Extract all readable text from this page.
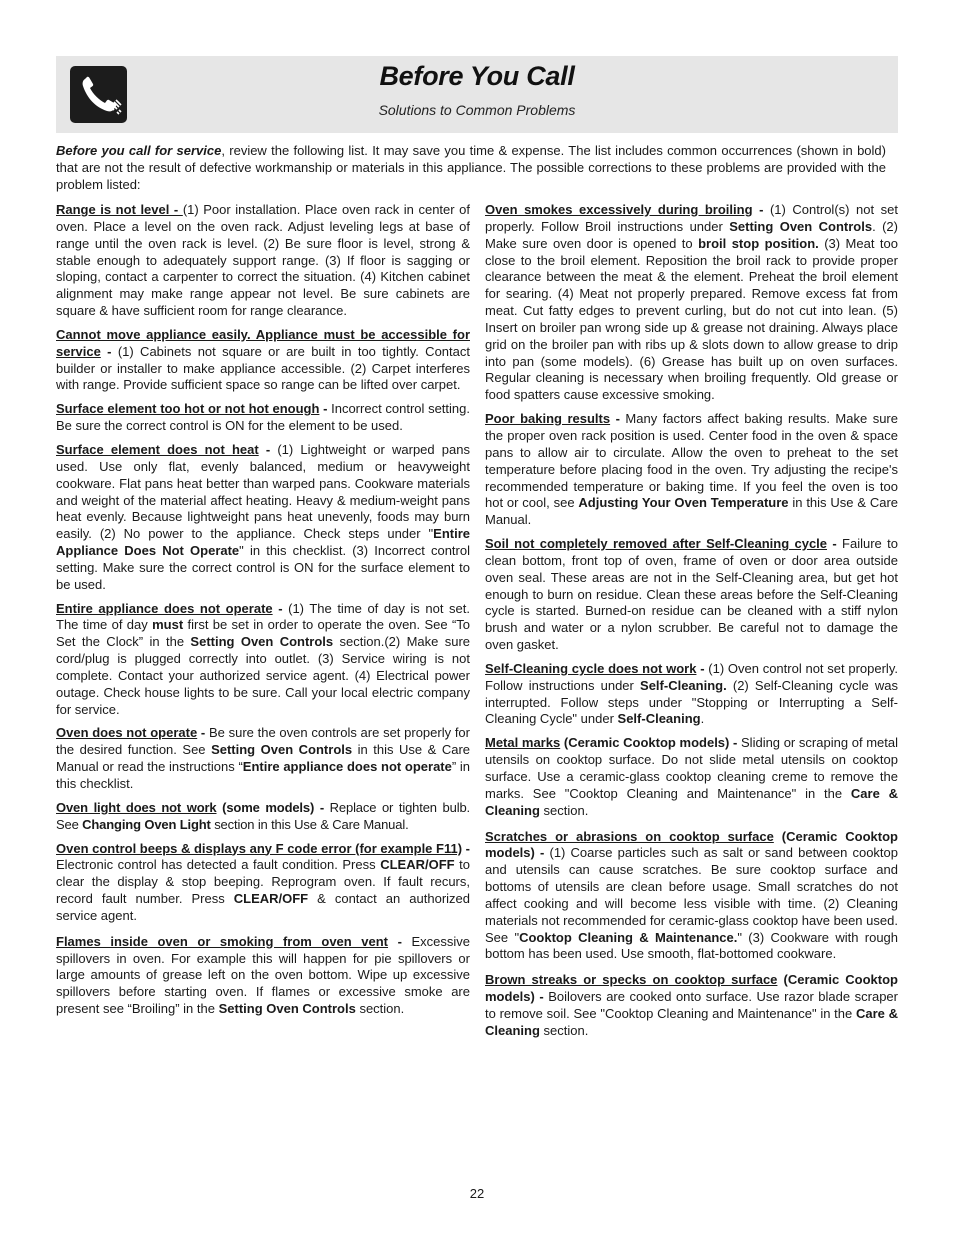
Before You Call
Solutions to Common Problems

Before you call for service, review the following list. It may save you time & expense. The list includes common occurrences (shown in bold) that are not the result of defective workmanship or materials in this appliance. The possible corrections to these problems are provided with the problem listed:

Range is not level - (1) Poor installation. Place oven rack in center of oven. Place a level on the oven rack. Adjust leveling legs at base of range until the oven rack is level. (2) Be sure floor is level, strong & stable enough to adequately support range. (3) If floor is sagging or sloping, contact a carpenter to correct the situation. (4) Kitchen cabinet alignment may make range appear not level. Be sure cabinets are square & have sufficient room for range clearance.

Cannot move appliance easily. Appliance must be accessible for service - (1) Cabinets not square or are built in too tightly. Contact builder or installer to make appliance accessible. (2) Carpet interferes with range. Provide sufficient space so range can be lifted over carpet.

Surface element too hot or not hot enough - Incorrect control setting. Be sure the correct control is ON for the element to be used.

Surface element does not heat - (1) Lightweight or warped pans used. Use only flat, evenly balanced, medium or heavyweight cookware. Flat pans heat better than warped pans. Cookware materials and weight of the material affect heating. Heavy & medium-weight pans heat evenly. Because lightweight pans heat unevenly, foods may burn easily. (2) No power to the appliance. Check steps under "Entire Appliance Does Not Operate" in this checklist. (3) Incorrect control setting. Make sure the correct control is ON for the surface element to be used.

Entire appliance does not operate - (1) The time of day is not set. The time of day must first be set in order to operate the oven. See “To Set the Clock” in the Setting Oven Controls section.(2) Make sure cord/plug is plugged correctly into outlet. (3) Service wiring is not complete. Contact your authorized service agent. (4) Electrical power outage. Check house lights to be sure. Call your local electric company for service.

Oven does not operate - Be sure the oven controls are set properly for the desired function. See Setting Oven Controls in this Use & Care Manual or read the instructions “Entire appliance does not operate” in this checklist.

Oven light does not work (some models) - Replace or tighten bulb. See Changing Oven Light section in this Use & Care Manual.

Oven control beeps & displays any F code error (for example F11) - Electronic control has detected a fault condition. Press CLEAR/OFF to clear the display & stop beeping. Reprogram oven. If fault recurs, record fault number. Press CLEAR/OFF & contact an authorized service agent.

Flames inside oven or smoking from oven vent - Excessive spillovers in oven. For example this will happen for pie spillovers or large amounts of grease left on the oven bottom. Wipe up excessive spillovers before starting oven. If flames or excessive smoke are present see “Broiling” in the Setting Oven Controls section.

Oven smokes excessively during broiling - (1) Control(s) not set properly. Follow Broil instructions under Setting Oven Controls. (2) Make sure oven door is opened to broil stop position. (3) Meat too close to the broil element. Reposition the broil rack to provide proper clearance between the meat & the element. Preheat the broil element for searing. (4) Meat not properly prepared. Remove excess fat from meat. Cut fatty edges to prevent curling, but do not cut into lean. (5) Insert on broiler pan wrong side up & grease not draining. Always place grid on the broiler pan with ribs up & slots down to allow grease to drip into pan (some models). (6) Grease has built up on oven surfaces. Regular cleaning is necessary when broiling frequently. Old grease or food spatters cause excessive smoking.

Poor baking results - Many factors affect baking results. Make sure the proper oven rack position is used. Center food in the oven & space pans to allow air to circulate. Allow the oven to preheat to the set temperature before placing food in the oven. Try adjusting the recipe's recommended temperature or baking time. If you feel the oven is too hot or cool, see Adjusting Your Oven Temperature in this Use & Care Manual.

Soil not completely removed after Self-Cleaning cycle - Failure to clean bottom, front top of oven, frame of oven or door area outside oven seal. These areas are not in the Self-Cleaning area, but get hot enough to burn on residue. Clean these areas before the Self-Cleaning cycle is started. Burned-on residue can be cleaned with a stiff nylon brush and water or a nylon scrubber. Be careful not to damage the oven gasket.

Self-Cleaning cycle does not work - (1) Oven control not set properly. Follow instructions under Self-Cleaning. (2) Self-Cleaning cycle was interrupted. Follow steps under "Stopping or Interrupting a Self-Cleaning Cycle" under Self-Cleaning.

Metal marks (Ceramic Cooktop models) - Sliding or scraping of metal utensils on cooktop surface. Do not slide metal utensils on cooktop surface. Use a ceramic-glass cooktop cleaning creme to remove the marks. See "Cooktop Cleaning and Maintenance" in the Care & Cleaning section.

Scratches or abrasions on cooktop surface (Ceramic Cooktop models) - (1) Coarse particles such as salt or sand between cooktop and utensils can cause scratches. Be sure cooktop surface and bottoms of utensils are clean before usage. Small scratches do not affect cooking and will become less visible with time. (2) Cleaning materials not recommended for ceramic-glass cooktop have been used. See "Cooktop Cleaning & Maintenance." (3) Cookware with rough bottom has been used. Use smooth, flat-bottomed cookware.

Brown streaks or specks on cooktop surface (Ceramic Cooktop models) - Boilovers are cooked onto surface. Use razor blade scraper to remove soil. See "Cooktop Cleaning and Maintenance" in the Care & Cleaning section.

22
